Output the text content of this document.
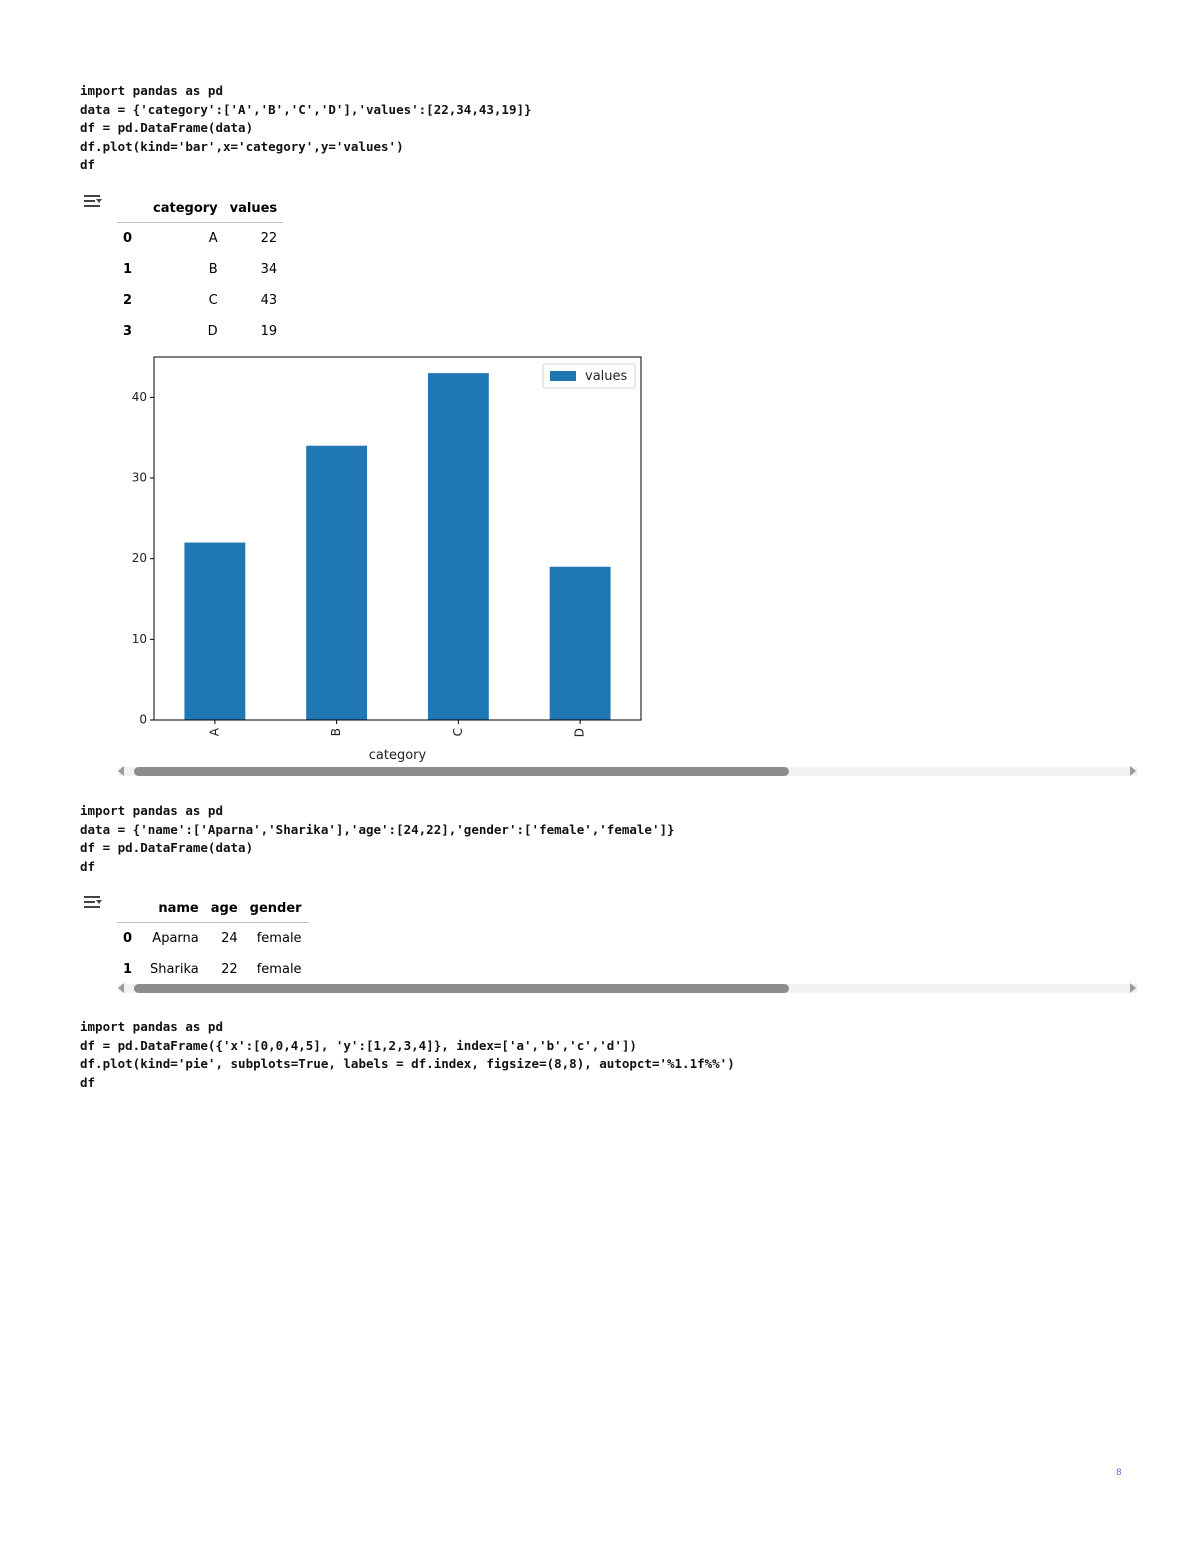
import pandas as pd
data = {'category':['A','B','C','D'],'values':[22,34,43,19]}
df = pd.DataFrame(data)
df.plot(kind='bar',x='category',y='values')
df
	category	values
0	A	22
1	B	34
2	C	43
3	D	19
A	B	C	D
0
10
20
30
40
category
values
import pandas as pd
data = {'name':['Aparna','Sharika'],'age':[24,22],'gender':['female','female']}
df = pd.DataFrame(data)
df
	name	age	gender
0	Aparna	24	female
1	Sharika	22	female
import pandas as pd
df = pd.DataFrame({'x':[0,0,4,5], 'y':[1,2,3,4]}, index=['a','b','c','d'])
df.plot(kind='pie', subplots=True, labels = df.index, figsize=(8,8), autopct='%1.1f%%')
df
8
